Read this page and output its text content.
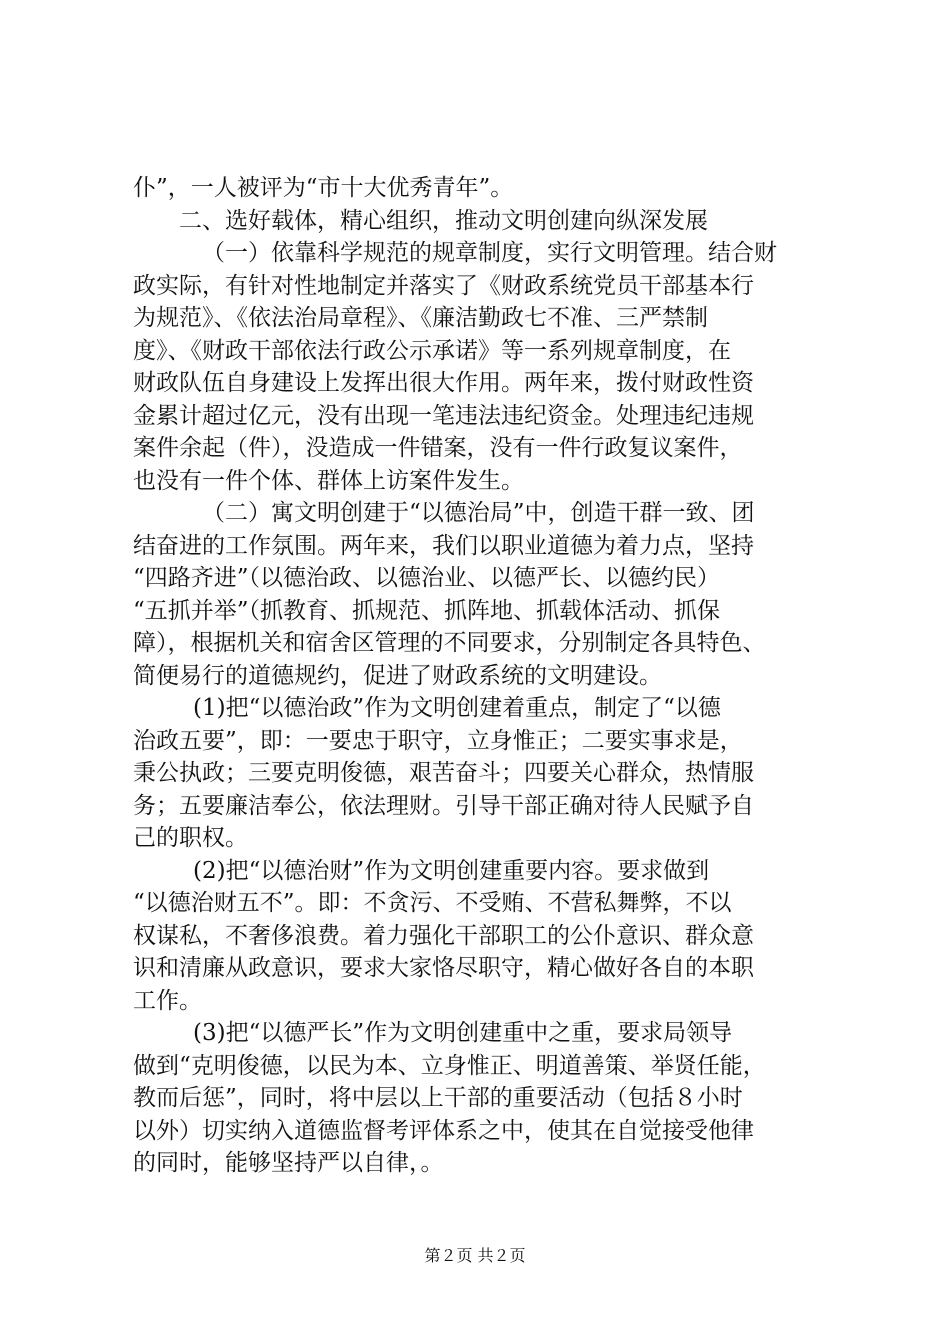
仆”，一人被评为“市十大优秀青年”。
二、选好载体，精心组织，推动文明创建向纵深发展
（一）依靠科学规范的规章制度，实行文明管理。结合财
政实际，有针对性地制定并落实了《财政系统党员干部基本行
为规范》、《依法治局章程》、《廉洁勤政七不准、三严禁制
度》、《财政干部依法行政公示承诺》等一系列规章制度，在
财政队伍自身建设上发挥出很大作用。两年来，拨付财政性资
金累计超过亿元，没有出现一笔违法违纪资金。处理违纪违规
案件余起（件），没造成一件错案，没有一件行政复议案件，
也没有一件个体、群体上访案件发生。
（二）寓文明创建于“以德治局”中，创造干群一致、团
结奋进的工作氛围。两年来，我们以职业道德为着力点，坚持
“四路齐进”（以德治政、以德治业、以德严长、以德约民）
“五抓并举”（抓教育、抓规范、抓阵地、抓载体活动、抓保
障），根据机关和宿舍区管理的不同要求，分别制定各具特色、
简便易行的道德规约，促进了财政系统的文明建设。
(1)把“以德治政”作为文明创建着重点，制定了“以德
治政五要”，即：一要忠于职守，立身惟正；二要实事求是，
秉公执政；三要克明俊德，艰苦奋斗；四要关心群众，热情服
务；五要廉洁奉公，依法理财。引导干部正确对待人民赋予自
己的职权。
(2)把“以德治财”作为文明创建重要内容。要求做到
“以德治财五不”。即：不贪污、不受贿、不营私舞弊，不以
权谋私，不奢侈浪费。着力强化干部职工的公仆意识、群众意
识和清廉从政意识，要求大家恪尽职守，精心做好各自的本职
工作。
(3)把“以德严长”作为文明创建重中之重，要求局领导
做到“克明俊德，以民为本、立身惟正、明道善策、举贤任能，
教而后惩”，同时，将中层以上干部的重要活动（包括８小时
以外）切实纳入道德监督考评体系之中，使其在自觉接受他律
的同时，能够坚持严以自律，。
第２页 共２页
